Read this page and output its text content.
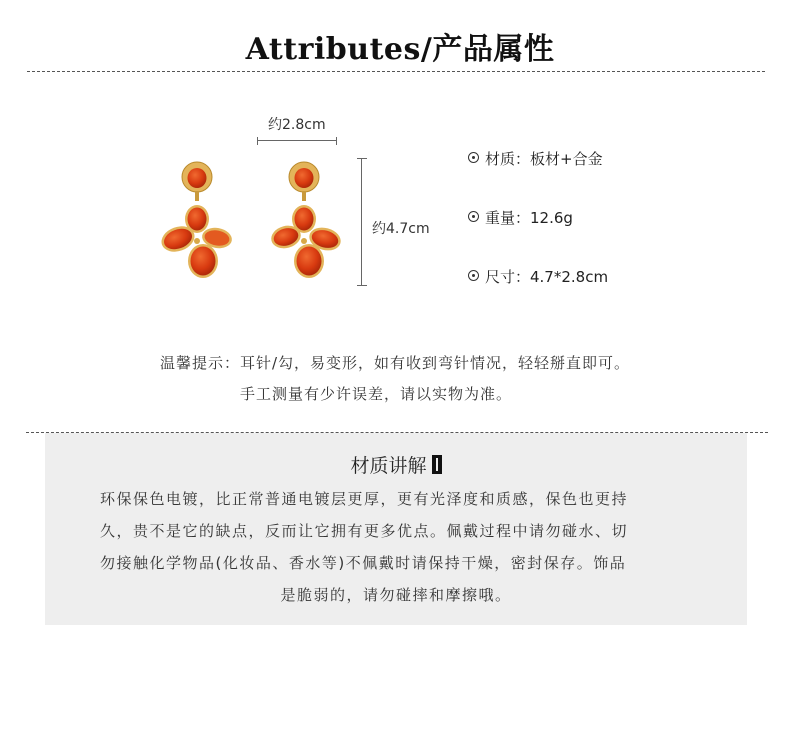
Attributes/产品属性
约2.8cm
约4.7cm
材质：板材+合金
重量：12.6g
尺寸：4.7*2.8cm
温馨提示：耳针/勾，易变形，如有收到弯针情况，轻轻掰直即可。
手工测量有少许误差，请以实物为准。
材质讲解
环保保色电镀，比正常普通电镀层更厚，更有光泽度和质感，保色也更持
久，贵不是它的缺点，反而让它拥有更多优点。佩戴过程中请勿碰水、切
勿接触化学物品(化妆品、香水等)不佩戴时请保持干燥，密封保存。饰品
是脆弱的，请勿碰摔和摩擦哦。
